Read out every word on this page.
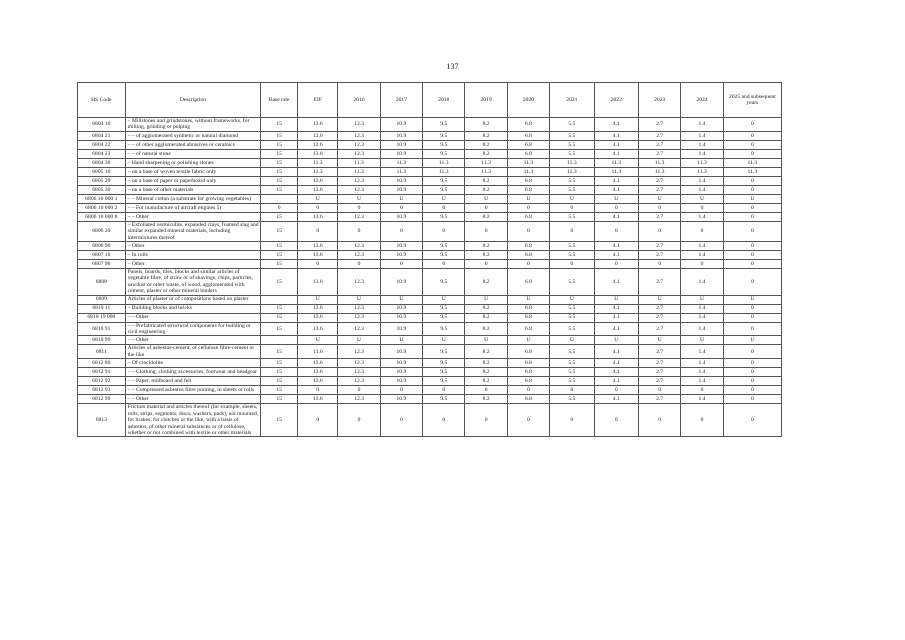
137
HS Code	Description	Base rate	EIF	2016	2017	2018	2019	2020	2021	2022	2023	2024	2025 and subsequent years
6804 10	– Millstones and grindstones, without frameworks, for milling, grinding or pulping	15	13.6	12.3	10.9	9.5	8.2	6.8	5.5	4.1	2.7	1.4	0
6804 21	– – of agglomerated synthetic or natural diamond	15	13.6	12.3	10.9	9.5	8.2	6.8	5.5	4.1	2.7	1.4	0
6804 22	– – of other agglomerated abrasives or ceramics	15	13.6	12.3	10.9	9.5	8.2	6.8	5.5	4.1	2.7	1.4	0
6804 23	– – of natural stone	15	13.6	12.3	10.9	9.5	8.2	6.8	5.5	4.1	2.7	1.4	0
6804 30	– Hand sharpening or polishing stones	15	11.3	11.3	11.3	11.3	11.3	11.3	11.3	11.3	11.3	11.3	11.3
6805 10	– on a base of woven textile fabric only	15	11.3	11.3	11.3	11.3	11.3	11.3	11.3	11.3	11.3	11.3	11.3
6805 20	– on a base of paper or paperboard only	15	13.6	12.3	10.9	9.5	8.2	6.8	5.5	4.1	2.7	1.4	0
6805 30	– on a base of other materials	15	13.6	12.3	10.9	9.5	8.2	6.8	5.5	4.1	2.7	1.4	0
6806 10 000 1	– – Mineral cotton (a substrate for growing vegetables)		U	U	U	U	U	U	U	U	U	U	U
6806 10 000 2	– – For manufacture of aircraft engines 5)	0	0	0	0	0	0	0	0	0	0	0	0
6806 10 000 8	– – Other	15	13.6	12.3	10.9	9.5	8.2	6.8	5.5	4.1	2.7	1.4	0
6806 20	– Exfoliated vermiculite, expanded clays, foamed slag and similar expanded mineral materials, including intermixtures thereof	15	0	0	0	0	0	0	0	0	0	0	0
6806 90	– Other	15	13.6	12.3	10.9	9.5	8.2	6.8	5.5	4.1	2.7	1.4	0
6807 10	– In rolls	15	13.6	12.3	10.9	9.5	8.2	6.8	5.5	4.1	2.7	1.4	0
6807 90	– Other	15	0	0	0	0	0	0	0	0	0	0	0
6808	Panels, boards, tiles, blocks and similar articles of vegetable fibre, of straw or of shavings, chips, particles, sawdust or other waste, of wood, agglomerated with cement, plaster or other mineral binders	15	13.6	12.3	10.9	9.5	8.2	6.8	5.5	4.1	2.7	1.4	0
6809	Articles of plaster or of compositions based on plaster		U	U	U	U	U	U	U	U	U	U	U
6810 11	– Building blocks and bricks	15	13.6	12.3	10.9	9.5	8.2	6.8	5.5	4.1	2.7	1.4	0
6810 19 000	– – Other	15	13.6	12.3	10.9	9.5	8.2	6.8	5.5	4.1	2.7	1.4	0
6810 91	– – Prefabricated structural components for building or civil engineering	15	13.6	12.3	10.9	9.5	8.2	6.8	5.5	4.1	2.7	1.4	0
6810 99	– – Other		U	U	U	U	U	U	U	U	U	U	U
6811	Articles of asbestos-cement, of cellulose fibre-cement or the like	15	13.6	12.3	10.9	9.5	8.2	6.8	5.5	4.1	2.7	1.4	0
6812 80	– Of crocidolite	15	13.6	12.3	10.9	9.5	8.2	6.8	5.5	4.1	2.7	1.4	0
6812 91	– – Clothing, clothing accessories, footwear and headgear	15	13.6	12.3	10.9	9.5	8.2	6.8	5.5	4.1	2.7	1.4	0
6812 92	– – Paper, millboard and felt	15	13.6	12.3	10.9	9.5	8.2	6.8	5.5	4.1	2.7	1.4	0
6812 93	– – Compressed asbestos fibre jointing, in sheets or rolls	15	0	0	0	0	0	0	0	0	0	0	0
6812 99	– – Other	15	13.6	12.3	10.9	9.5	8.2	6.8	5.5	4.1	2.7	1.4	0
6813	Friction material and articles thereof (for example, sheets, rolls, strips, segments, discs, washers, pads), not mounted, for brakes, for clutches or the like, with a basis of asbestos, of other mineral substances or of cellulose, whether or not combined with textile or other materials	15	0	0	0	0	0	0	0	0	0	0	0
